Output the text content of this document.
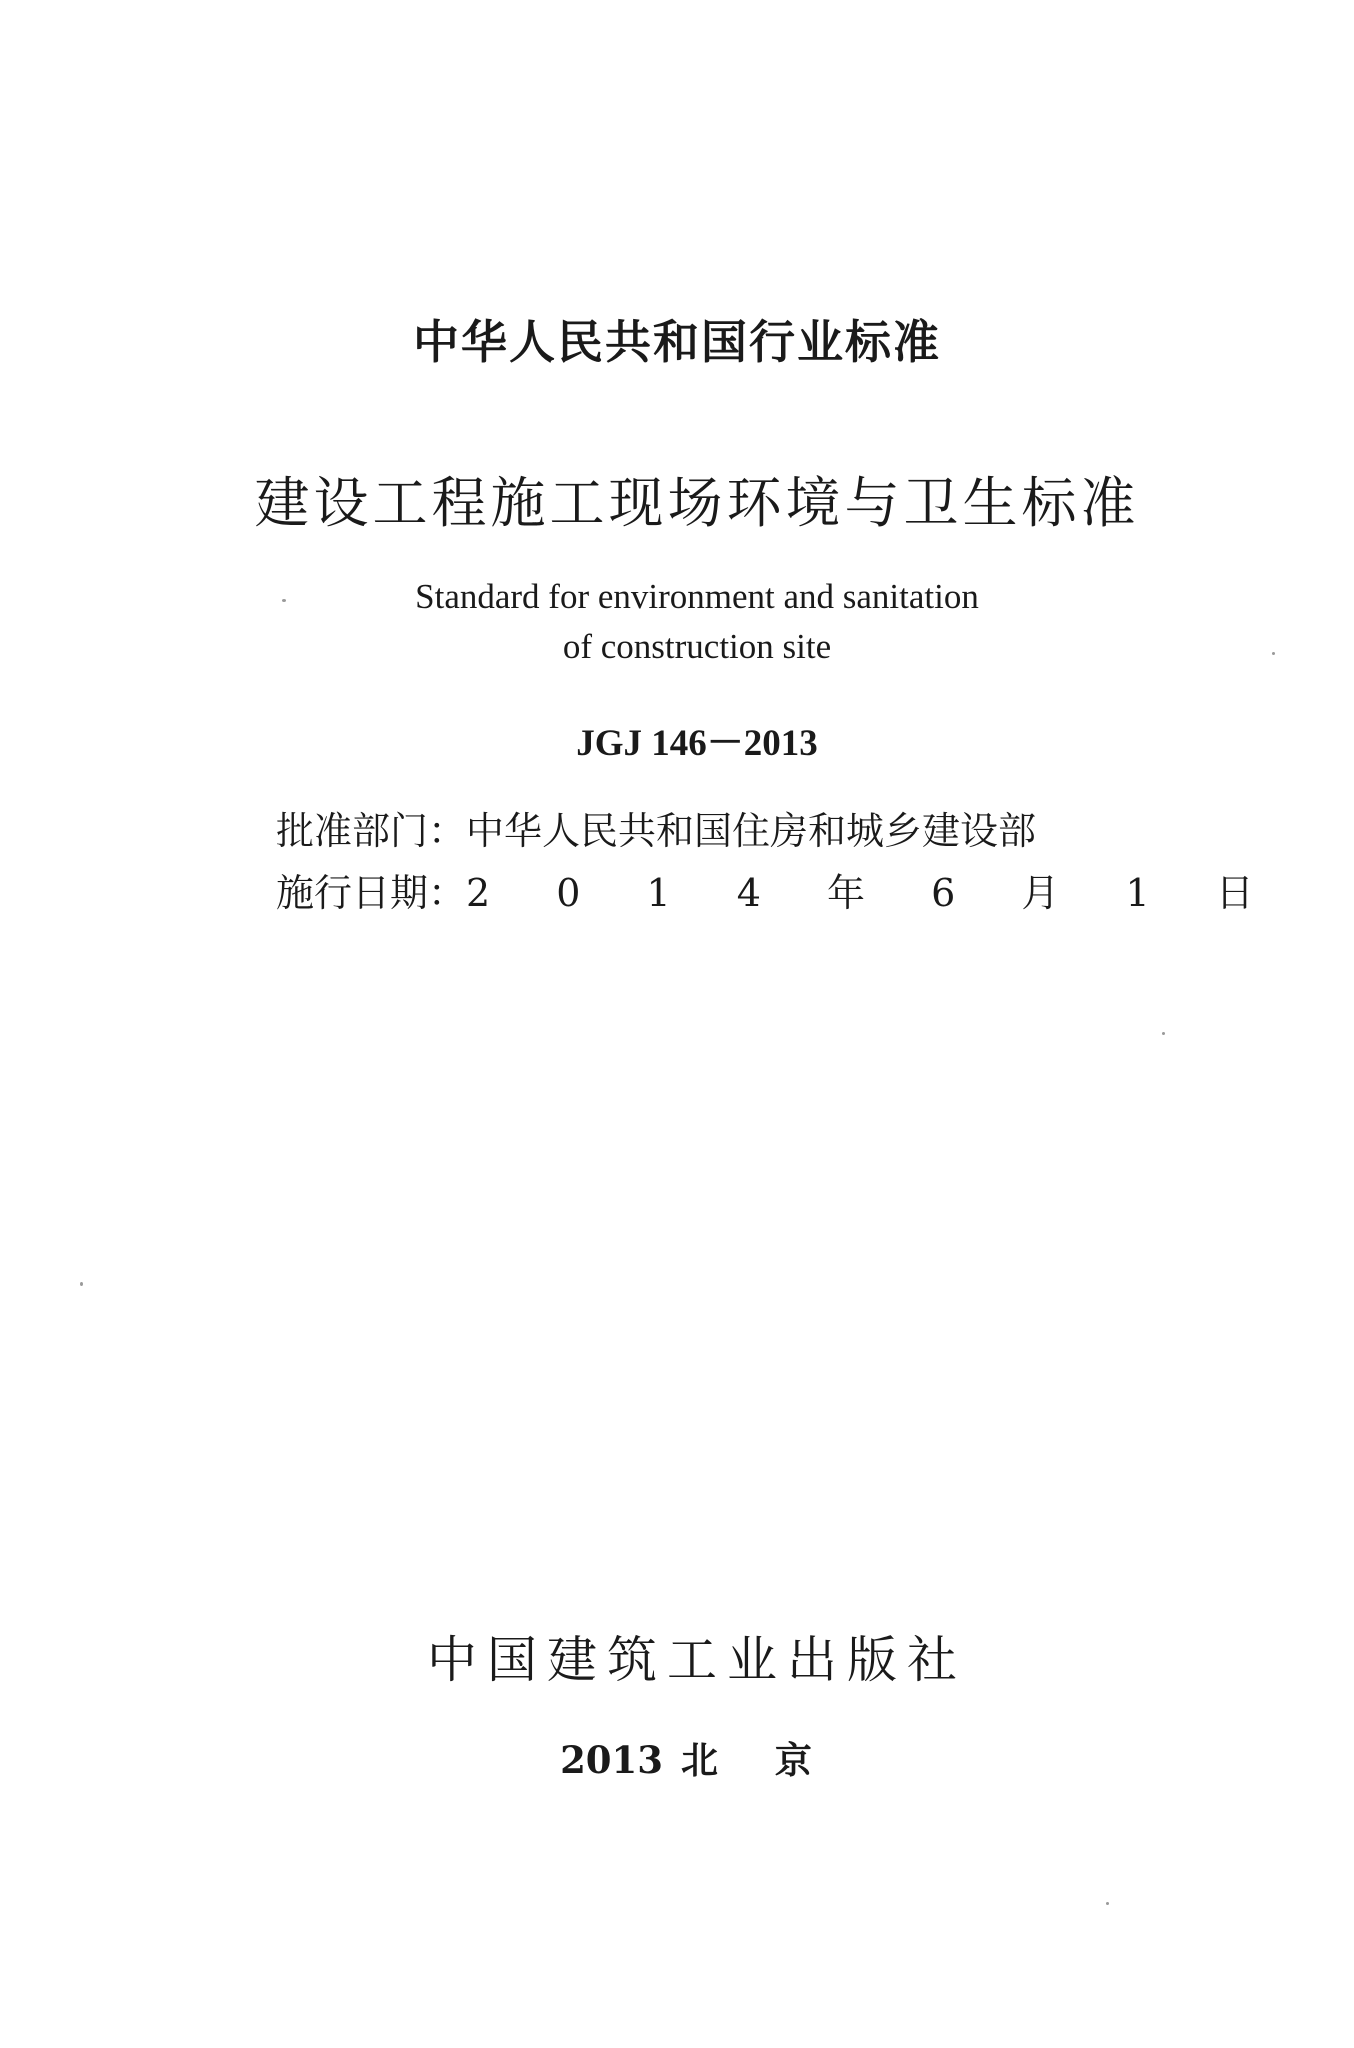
中华人民共和国行业标准
建设工程施工现场环境与卫生标准
Standard for environment and sanitation
of construction site
JGJ 146－2013
批准部门：中华人民共和国住房和城乡建设部
施行日期：2 0 1 4 年 6 月 1 日
中国建筑工业出版社
2013 北 京
